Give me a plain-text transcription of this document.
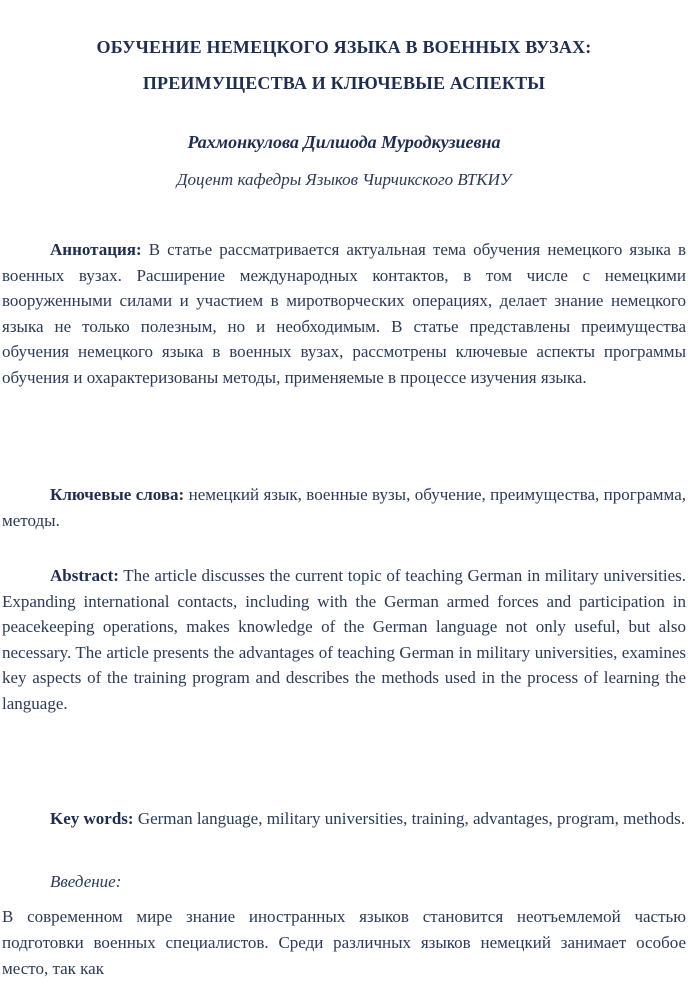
ОБУЧЕНИЕ НЕМЕЦКОГО ЯЗЫКА В ВОЕННЫХ ВУЗАХ:
ПРЕИМУЩЕСТВА И КЛЮЧЕВЫЕ АСПЕКТЫ
Рахмонкулова Дилшода Муродкузиевна
Доцент кафедры Языков Чирчикского ВТКИУ

Аннотация: В статье рассматривается актуальная тема обучения немецкого языка в военных вузах. Расширение международных контактов, в том числе с немецкими вооруженными силами и участием в миротворческих операциях, делает знание немецкого языка не только полезным, но и необходимым. В статье представлены преимущества обучения немецкого языка в военных вузах, рассмотрены ключевые аспекты программы обучения и охарактеризованы методы, применяемые в процессе изучения языка.

Ключевые слова: немецкий язык, военные вузы, обучение, преимущества, программа, методы.

Abstract: The article discusses the current topic of teaching German in military universities. Expanding international contacts, including with the German armed forces and participation in peacekeeping operations, makes knowledge of the German language not only useful, but also necessary. The article presents the advantages of teaching German in military universities, examines key aspects of the training program and describes the methods used in the process of learning the language.

Key words: German language, military universities, training, advantages, program, methods.

Введение:

В современном мире знание иностранных языков становится неотъемлемой частью подготовки военных специалистов. Среди различных языков немецкий занимает особое место, так как
